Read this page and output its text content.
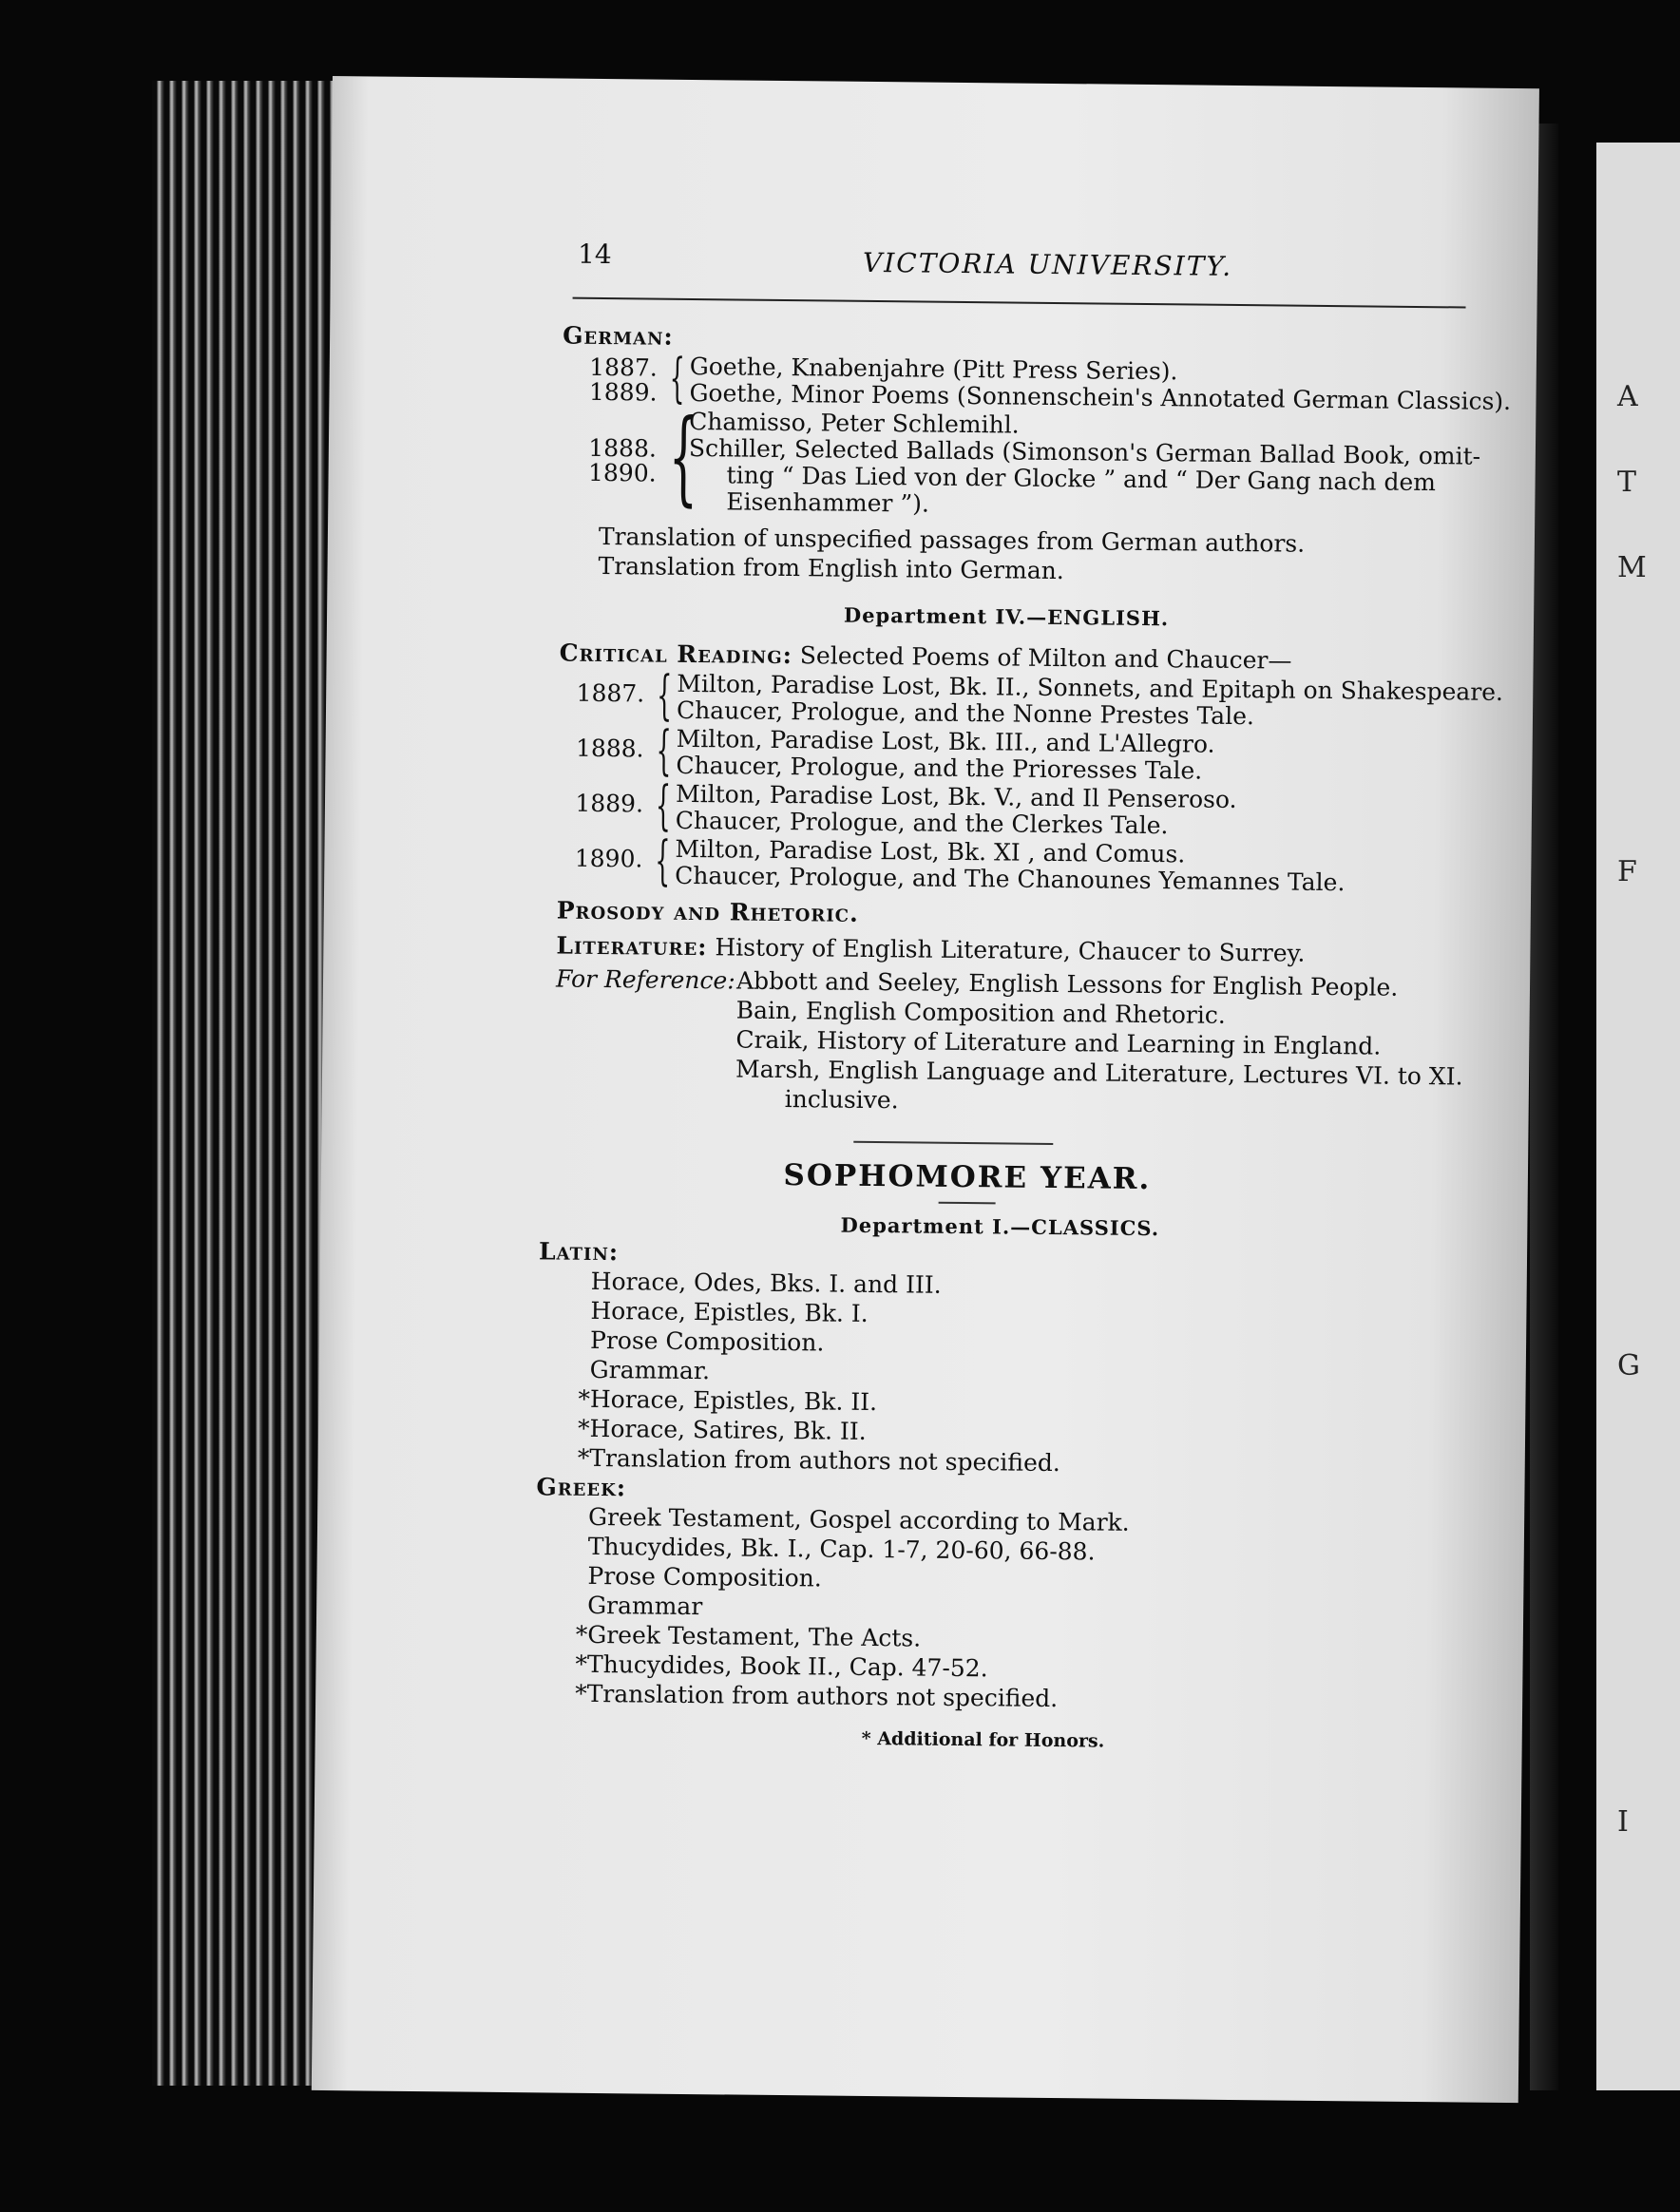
A
T
M
F
G
I
14	VICTORIA UNIVERSITY.
German:
1887.
1889. { Goethe, Knabenjahre (Pitt Press Series).
Goethe, Minor Poems (Sonnenschein's Annotated German Classics).
1888.
1890. {
Chamisso, Peter Schlemihl.
Schiller, Selected Ballads (Simonson's German Ballad Book, omit-
ting “ Das Lied von der Glocke ” and “ Der Gang nach dem
Eisenhammer ”).
Translation of unspecified passages from German authors.
Translation from English into German.
Department IV.—ENGLISH.
Critical Reading: Selected Poems of Milton and Chaucer—
1887. { Milton, Paradise Lost, Bk. II., Sonnets, and Epitaph on Shakespeare.
Chaucer, Prologue, and the Nonne Prestes Tale.
1888. { Milton, Paradise Lost, Bk. III., and L'Allegro.
Chaucer, Prologue, and the Prioresses Tale.
1889. { Milton, Paradise Lost, Bk. V., and Il Penseroso.
Chaucer, Prologue, and the Clerkes Tale.
1890. { Milton, Paradise Lost, Bk. XI , and Comus.
Chaucer, Prologue, and The Chanounes Yemannes Tale.
Prosody and Rhetoric.
Literature: History of English Literature, Chaucer to Surrey.
For Reference: Abbott and Seeley, English Lessons for English People.
Bain, English Composition and Rhetoric.
Craik, History of Literature and Learning in England.
Marsh, English Language and Literature, Lectures VI. to XI.
inclusive.
SOPHOMORE YEAR.
Department I.—CLASSICS.
Latin:
Horace, Odes, Bks. I. and III.
Horace, Epistles, Bk. I.
Prose Composition.
Grammar.
*Horace, Epistles, Bk. II.
*Horace, Satires, Bk. II.
*Translation from authors not specified.
Greek:
Greek Testament, Gospel according to Mark.
Thucydides, Bk. I., Cap. 1-7, 20-60, 66-88.
Prose Composition.
Grammar
*Greek Testament, The Acts.
*Thucydides, Book II., Cap. 47-52.
*Translation from authors not specified.
* Additional for Honors.
